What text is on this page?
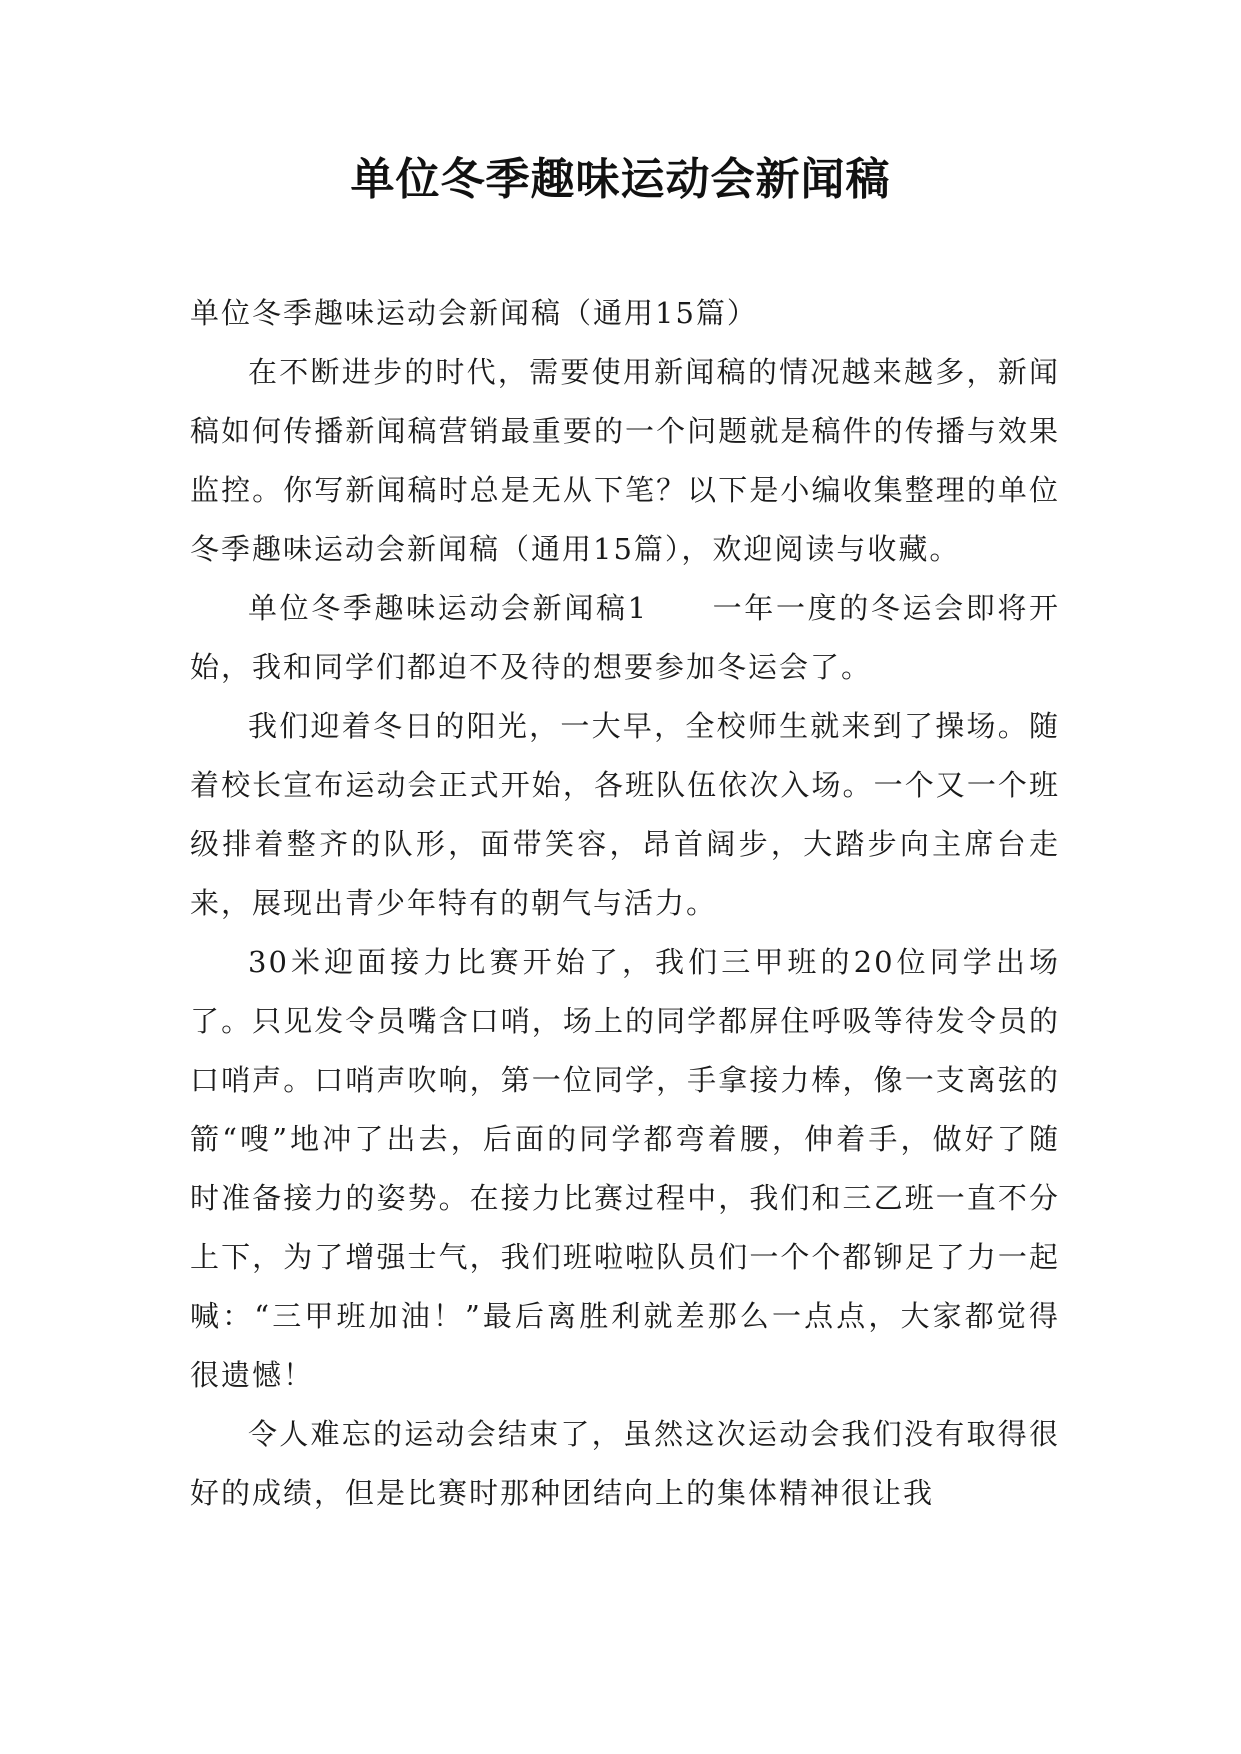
单位冬季趣味运动会新闻稿

单位冬季趣味运动会新闻稿（通用15篇）

在不断进步的时代，需要使用新闻稿的情况越来越多，新闻稿如何传播新闻稿营销最重要的一个问题就是稿件的传播与效果监控。你写新闻稿时总是无从下笔？以下是小编收集整理的单位冬季趣味运动会新闻稿（通用15篇），欢迎阅读与收藏。

单位冬季趣味运动会新闻稿1 一年一度的冬运会即将开始，我和同学们都迫不及待的想要参加冬运会了。

我们迎着冬日的阳光，一大早，全校师生就来到了操场。随着校长宣布运动会正式开始，各班队伍依次入场。一个又一个班级排着整齐的队形，面带笑容，昂首阔步，大踏步向主席台走来，展现出青少年特有的朝气与活力。

30米迎面接力比赛开始了，我们三甲班的20位同学出场了。只见发令员嘴含口哨，场上的同学都屏住呼吸等待发令员的口哨声。口哨声吹响，第一位同学，手拿接力棒，像一支离弦的箭“嗖”地冲了出去，后面的同学都弯着腰，伸着手，做好了随时准备接力的姿势。在接力比赛过程中，我们和三乙班一直不分上下，为了增强士气，我们班啦啦队员们一个个都铆足了力一起喊：“三甲班加油！”最后离胜利就差那么一点点，大家都觉得很遗憾！

令人难忘的运动会结束了，虽然这次运动会我们没有取得很好的成绩，但是比赛时那种团结向上的集体精神很让我
